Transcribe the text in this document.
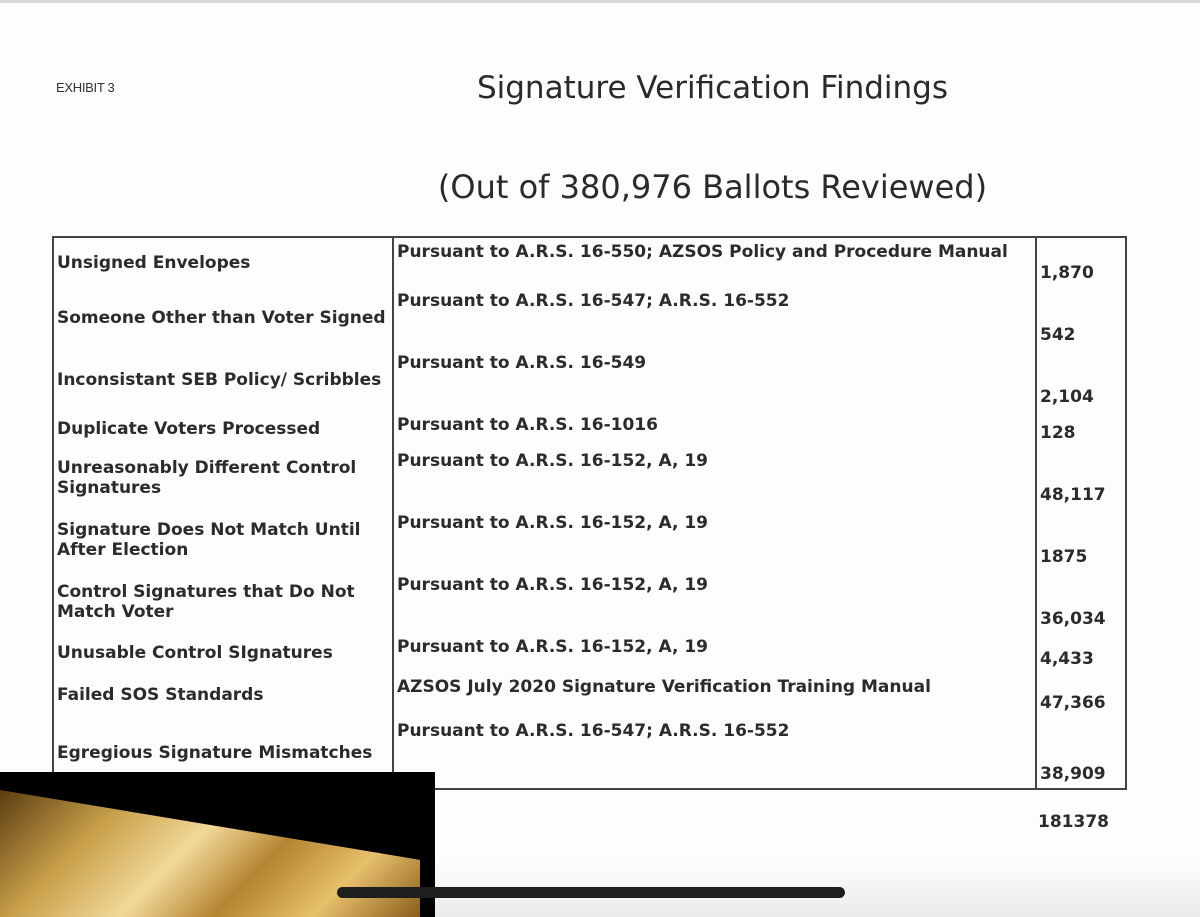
EXHIBIT 3	Signature Verification Findings
(Out of 380,976 Ballots Reviewed)
Unsigned Envelopes	Pursuant to A.R.S. 16-550; AZSOS Policy and Procedure Manual	1,870
Someone Other than Voter Signed	Pursuant to A.R.S. 16-547; A.R.S. 16-552	542
Inconsistant SEB Policy/ Scribbles	Pursuant to A.R.S. 16-549	2,104
Duplicate Voters Processed	Pursuant to A.R.S. 16-1016	128
Unreasonably Different Control Signatures	Pursuant to A.R.S. 16-152, A, 19	48,117
Signature Does Not Match Until After Election	Pursuant to A.R.S. 16-152, A, 19	1875
Control Signatures that Do Not Match Voter	Pursuant to A.R.S. 16-152, A, 19	36,034
Unusable Control SIgnatures	Pursuant to A.R.S. 16-152, A, 19	4,433
Failed SOS Standards	AZSOS July 2020 Signature Verification Training Manual	47,366
Egregious Signature Mismatches	Pursuant to A.R.S. 16-547; A.R.S. 16-552	38,909
181378
